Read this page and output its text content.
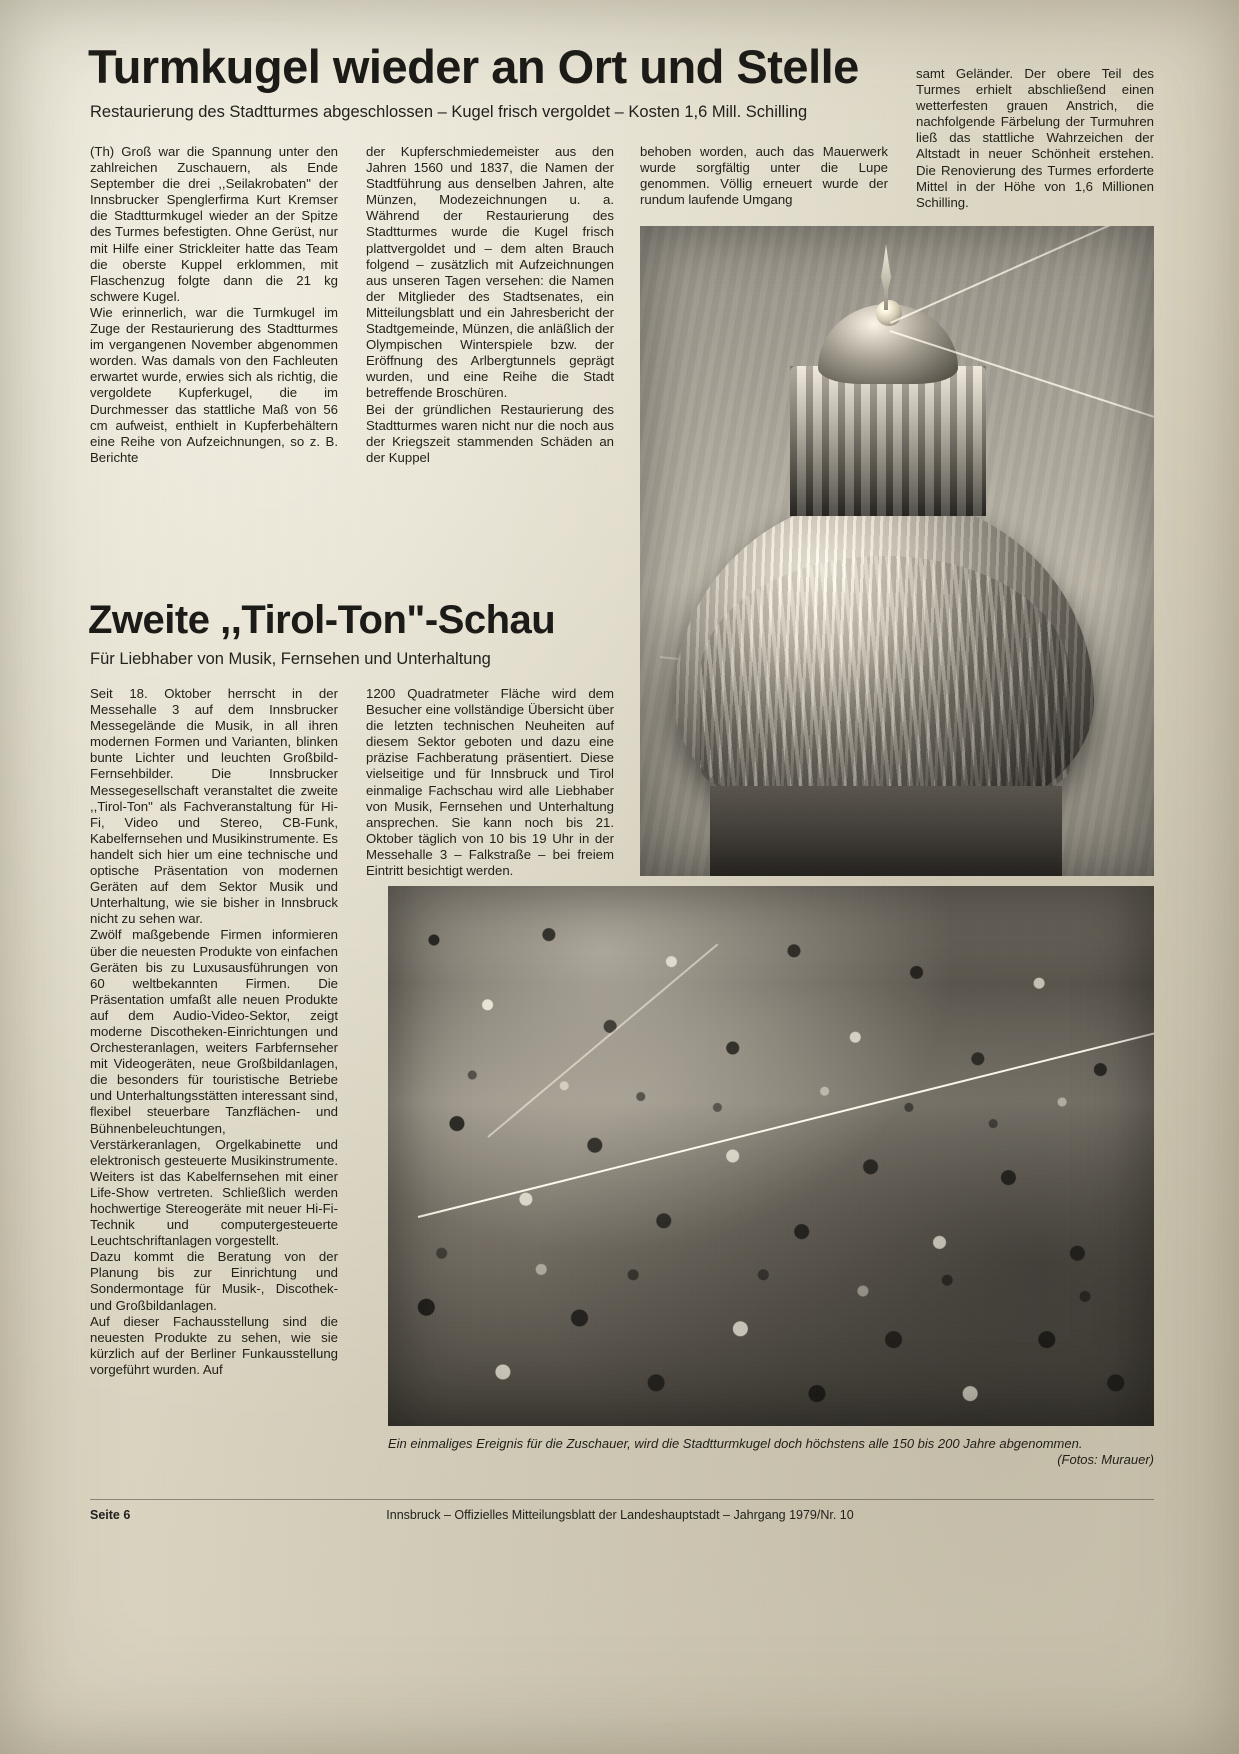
Turmkugel wieder an Ort und Stelle
Restaurierung des Stadtturmes abgeschlossen – Kugel frisch vergoldet – Kosten 1,6 Mill. Schilling

(Th) Groß war die Spannung unter den zahlreichen Zuschauern, als Ende September die drei ,,Seilakrobaten" der Innsbrucker Spenglerfirma Kurt Kremser die Stadtturmkugel wieder an der Spitze des Turmes befestigten. Ohne Gerüst, nur mit Hilfe einer Strickleiter hatte das Team die oberste Kuppel erklommen, mit Flaschenzug folgte dann die 21 kg schwere Kugel.

Wie erinnerlich, war die Turmkugel im Zuge der Restaurierung des Stadtturmes im vergangenen November abgenommen worden. Was damals von den Fachleuten erwartet wurde, erwies sich als richtig, die vergoldete Kupferkugel, die im Durchmesser das stattliche Maß von 56 cm aufweist, enthielt in Kupferbehältern eine Reihe von Aufzeichnungen, so z. B. Berichte

der Kupferschmiedemeister aus den Jahren 1560 und 1837, die Namen der Stadtführung aus denselben Jahren, alte Münzen, Modezeichnungen u. a. Während der Restaurierung des Stadtturmes wurde die Kugel frisch plattvergoldet und – dem alten Brauch folgend – zusätzlich mit Aufzeichnungen aus unseren Tagen versehen: die Namen der Mitglieder des Stadtsenates, ein Mitteilungsblatt und ein Jahresbericht der Stadtgemeinde, Münzen, die anläßlich der Olympischen Winterspiele bzw. der Eröffnung des Arlbergtunnels geprägt wurden, und eine Reihe die Stadt betreffende Broschüren.

Bei der gründlichen Restaurierung des Stadtturmes waren nicht nur die noch aus der Kriegszeit stammenden Schäden an der Kuppel

behoben worden, auch das Mauerwerk wurde sorgfältig unter die Lupe genommen. Völlig erneuert wurde der rundum laufende Umgang

samt Geländer. Der obere Teil des Turmes erhielt abschließend einen wetterfesten grauen Anstrich, die nachfolgende Färbelung der Turmuhren ließ das stattliche Wahrzeichen der Altstadt in neuer Schönheit erstehen. Die Renovierung des Turmes erforderte Mittel in der Höhe von 1,6 Millionen Schilling.

Zweite ,,Tirol-Ton"-Schau
Für Liebhaber von Musik, Fernsehen und Unterhaltung

Seit 18. Oktober herrscht in der Messehalle 3 auf dem Innsbrucker Messegelände die Musik, in all ihren modernen Formen und Varianten, blinken bunte Lichter und leuchten Großbild-Fernsehbilder. Die Innsbrucker Messegesellschaft veranstaltet die zweite ,,Tirol-Ton" als Fachveranstaltung für Hi-Fi, Video und Stereo, CB-Funk, Kabelfernsehen und Musikinstrumente. Es handelt sich hier um eine technische und optische Präsentation von modernen Geräten auf dem Sektor Musik und Unterhaltung, wie sie bisher in Innsbruck nicht zu sehen war.

Zwölf maßgebende Firmen informieren über die neuesten Produkte von einfachen Geräten bis zu Luxusausführungen von 60 weltbekannten Firmen. Die Präsentation umfaßt alle neuen Produkte auf dem Audio-Video-Sektor, zeigt moderne Discotheken-Einrichtungen und Orchesteranlagen, weiters Farbfernseher mit Videogeräten, neue Großbildanlagen, die besonders für touristische Betriebe und Unterhaltungsstätten interessant sind, flexibel steuerbare Tanzflächen- und Bühnenbeleuchtungen, Verstärkeranlagen, Orgelkabinette und elektronisch gesteuerte Musikinstrumente. Weiters ist das Kabelfernsehen mit einer Life-Show vertreten. Schließlich werden hochwertige Stereogeräte mit neuer Hi-Fi-Technik und computergesteuerte Leuchtschriftanlagen vorgestellt.

Dazu kommt die Beratung von der Planung bis zur Einrichtung und Sondermontage für Musik-, Discothek- und Großbildanlagen.

Auf dieser Fachausstellung sind die neuesten Produkte zu sehen, wie sie kürzlich auf der Berliner Funkausstellung vorgeführt wurden. Auf

1200 Quadratmeter Fläche wird dem Besucher eine vollständige Übersicht über die letzten technischen Neuheiten auf diesem Sektor geboten und dazu eine präzise Fachberatung präsentiert. Diese vielseitige und für Innsbruck und Tirol einmalige Fachschau wird alle Liebhaber von Musik, Fernsehen und Unterhaltung ansprechen. Sie kann noch bis 21. Oktober täglich von 10 bis 19 Uhr in der Messehalle 3 – Falkstraße – bei freiem Eintritt besichtigt werden.

Ein einmaliges Ereignis für die Zuschauer, wird die Stadtturmkugel doch höchstens alle 150 bis 200 Jahre abgenommen.
(Fotos: Murauer)
Seite 6	Innsbruck – Offizielles Mitteilungsblatt der Landeshauptstadt – Jahrgang 1979/Nr. 10
